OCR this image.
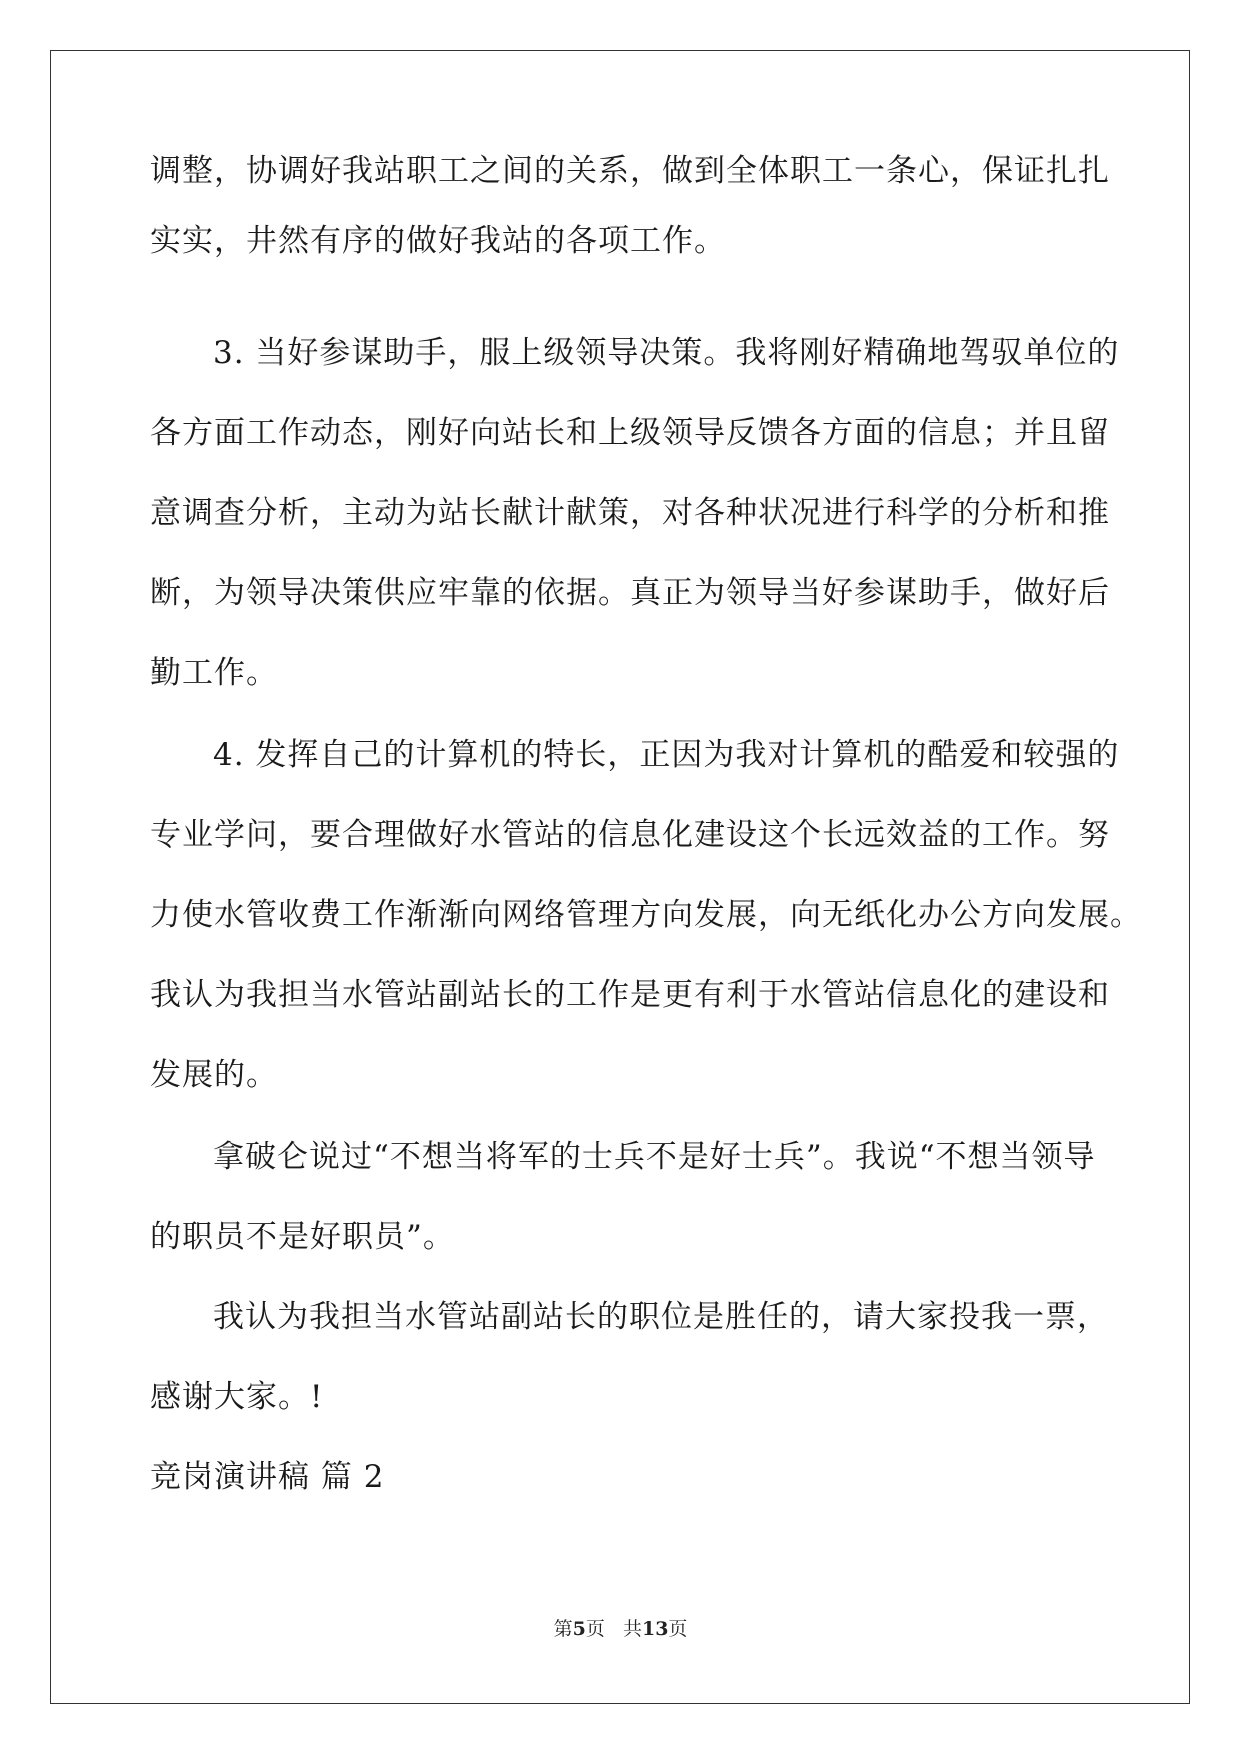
调整，协调好我站职工之间的关系，做到全体职工一条心，保证扎扎
实实，井然有序的做好我站的各项工作。
3. 当好参谋助手，服上级领导决策。我将刚好精确地驾驭单位的
各方面工作动态，刚好向站长和上级领导反馈各方面的信息；并且留
意调查分析，主动为站长献计献策，对各种状况进行科学的分析和推
断，为领导决策供应牢靠的依据。真正为领导当好参谋助手，做好后
勤工作。
4. 发挥自己的计算机的特长，正因为我对计算机的酷爱和较强的
专业学问，要合理做好水管站的信息化建设这个长远效益的工作。努
力使水管收费工作渐渐向网络管理方向发展，向无纸化办公方向发展。
我认为我担当水管站副站长的工作是更有利于水管站信息化的建设和
发展的。
拿破仑说过“不想当将军的士兵不是好士兵”。我说“不想当领导
的职员不是好职员”。
我认为我担当水管站副站长的职位是胜任的，请大家投我一票，
感谢大家。!
竞岗演讲稿 篇 2
第5页 共13页
